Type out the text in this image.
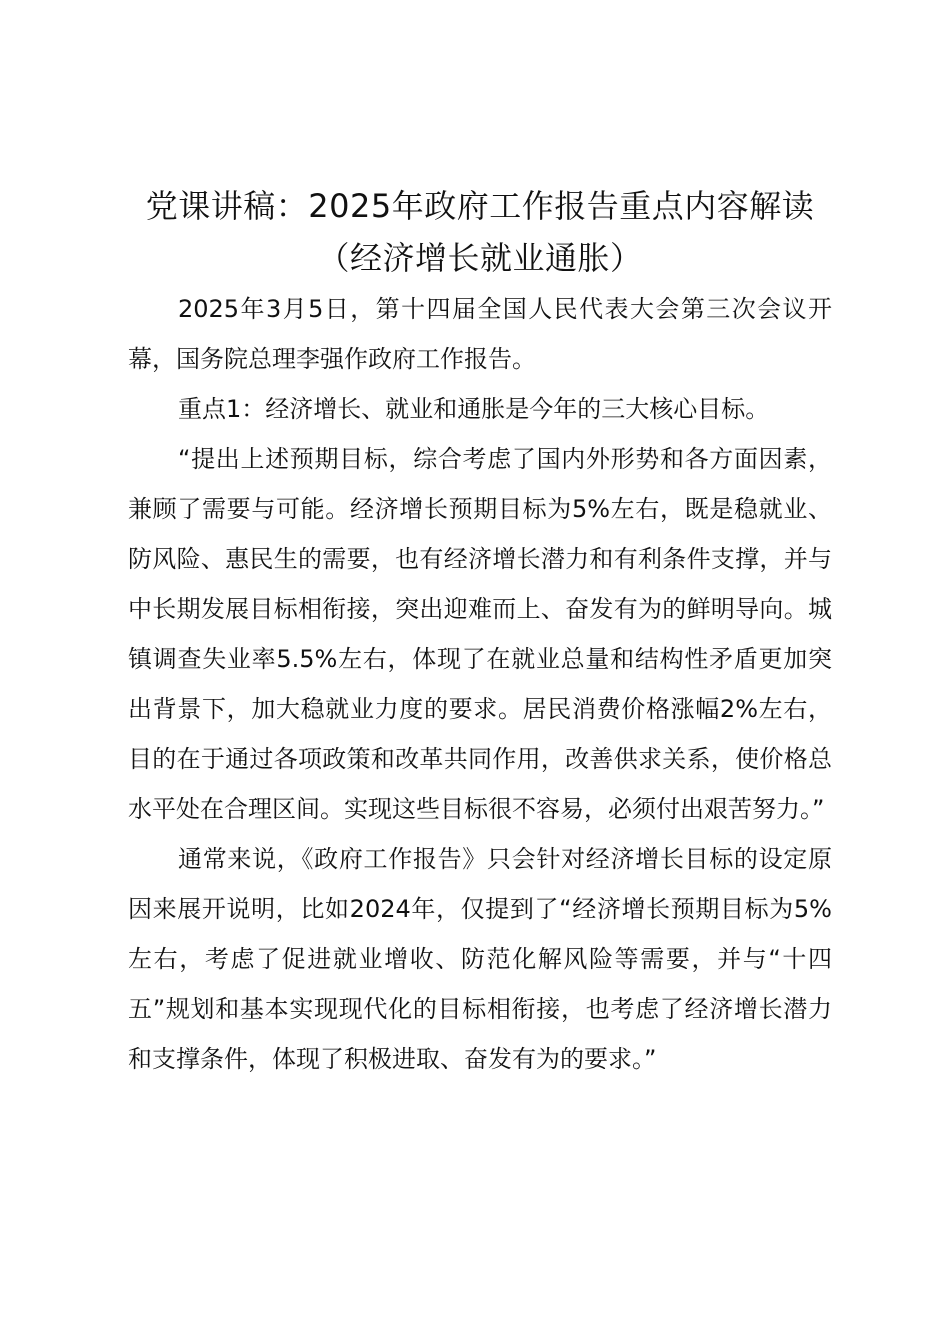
党课讲稿：2025年政府工作报告重点内容解读（经济增长就业通胀）

2025年3月5日，第十四届全国人民代表大会第三次会议开幕，国务院总理李强作政府工作报告。

重点1：经济增长、就业和通胀是今年的三大核心目标。

“提出上述预期目标，综合考虑了国内外形势和各方面因素，兼顾了需要与可能。经济增长预期目标为5%左右，既是稳就业、防风险、惠民生的需要，也有经济增长潜力和有利条件支撑，并与中长期发展目标相衔接，突出迎难而上、奋发有为的鲜明导向。城镇调查失业率5.5%左右，体现了在就业总量和结构性矛盾更加突出背景下，加大稳就业力度的要求。居民消费价格涨幅2%左右，目的在于通过各项政策和改革共同作用，改善供求关系，使价格总水平处在合理区间。实现这些目标很不容易，必须付出艰苦努力。”

通常来说，《政府工作报告》只会针对经济增长目标的设定原因来展开说明，比如2024年，仅提到了“经济增长预期目标为5%左右，考虑了促进就业增收、防范化解风险等需要，并与“十四五”规划和基本实现现代化的目标相衔接，也考虑了经济增长潜力和支撑条件，体现了积极进取、奋发有为的要求。”
